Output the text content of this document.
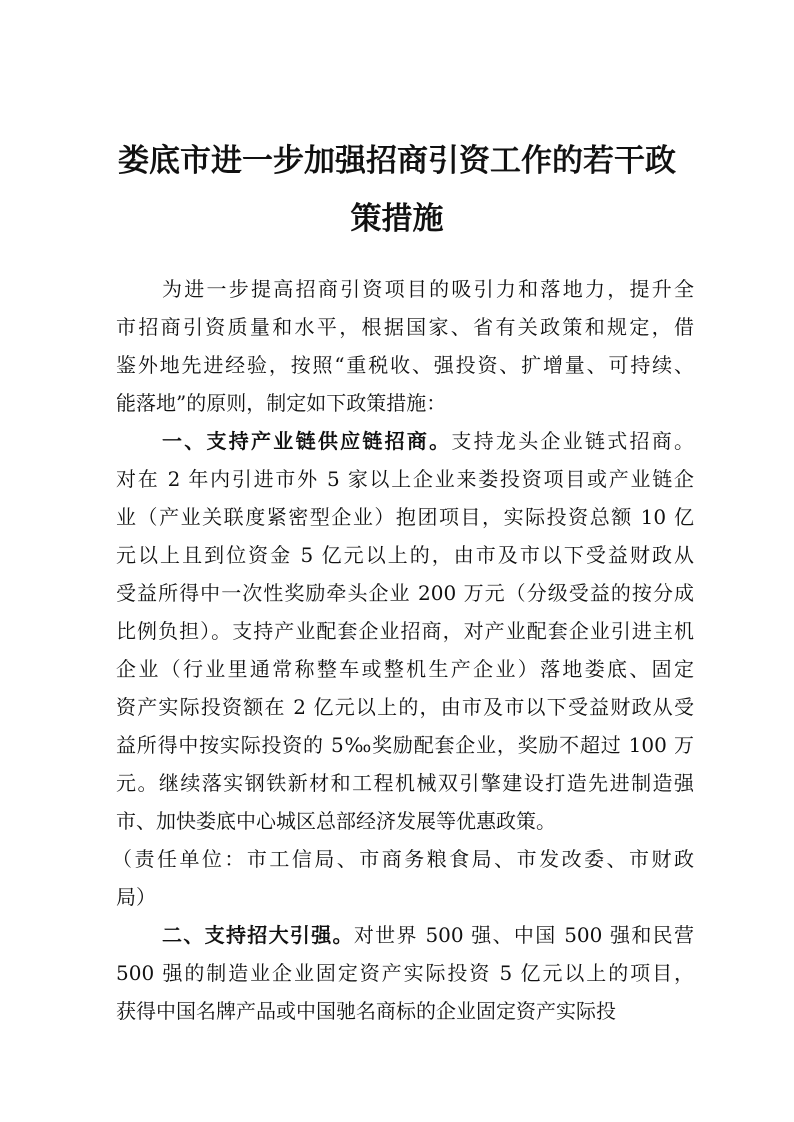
娄底市进一步加强招商引资工作的若干政
策措施
为进一步提高招商引资项目的吸引力和落地力，提升全
市招商引资质量和水平，根据国家、省有关政策和规定，借
鉴外地先进经验，按照“重税收、强投资、扩增量、可持续、
能落地”的原则，制定如下政策措施：
一、支持产业链供应链招商。支持龙头企业链式招商。
对在 2 年内引进市外 5 家以上企业来娄投资项目或产业链企
业（产业关联度紧密型企业）抱团项目，实际投资总额 10 亿
元以上且到位资金 5 亿元以上的，由市及市以下受益财政从
受益所得中一次性奖励牵头企业 200 万元（分级受益的按分成
比例负担）。支持产业配套企业招商，对产业配套企业引进主机
企业（行业里通常称整车或整机生产企业）落地娄底、固定
资产实际投资额在 2 亿元以上的，由市及市以下受益财政从受
益所得中按实际投资的 5‰奖励配套企业，奖励不超过 100 万
元。继续落实钢铁新材和工程机械双引擎建设打造先进制造强
市、加快娄底中心城区总部经济发展等优惠政策。
（责任单位：市工信局、市商务粮食局、市发改委、市财政
局）
二、支持招大引强。对世界 500 强、中国 500 强和民营
500 强的制造业企业固定资产实际投资 5 亿元以上的项目，
获得中国名牌产品或中国驰名商标的企业固定资产实际投
